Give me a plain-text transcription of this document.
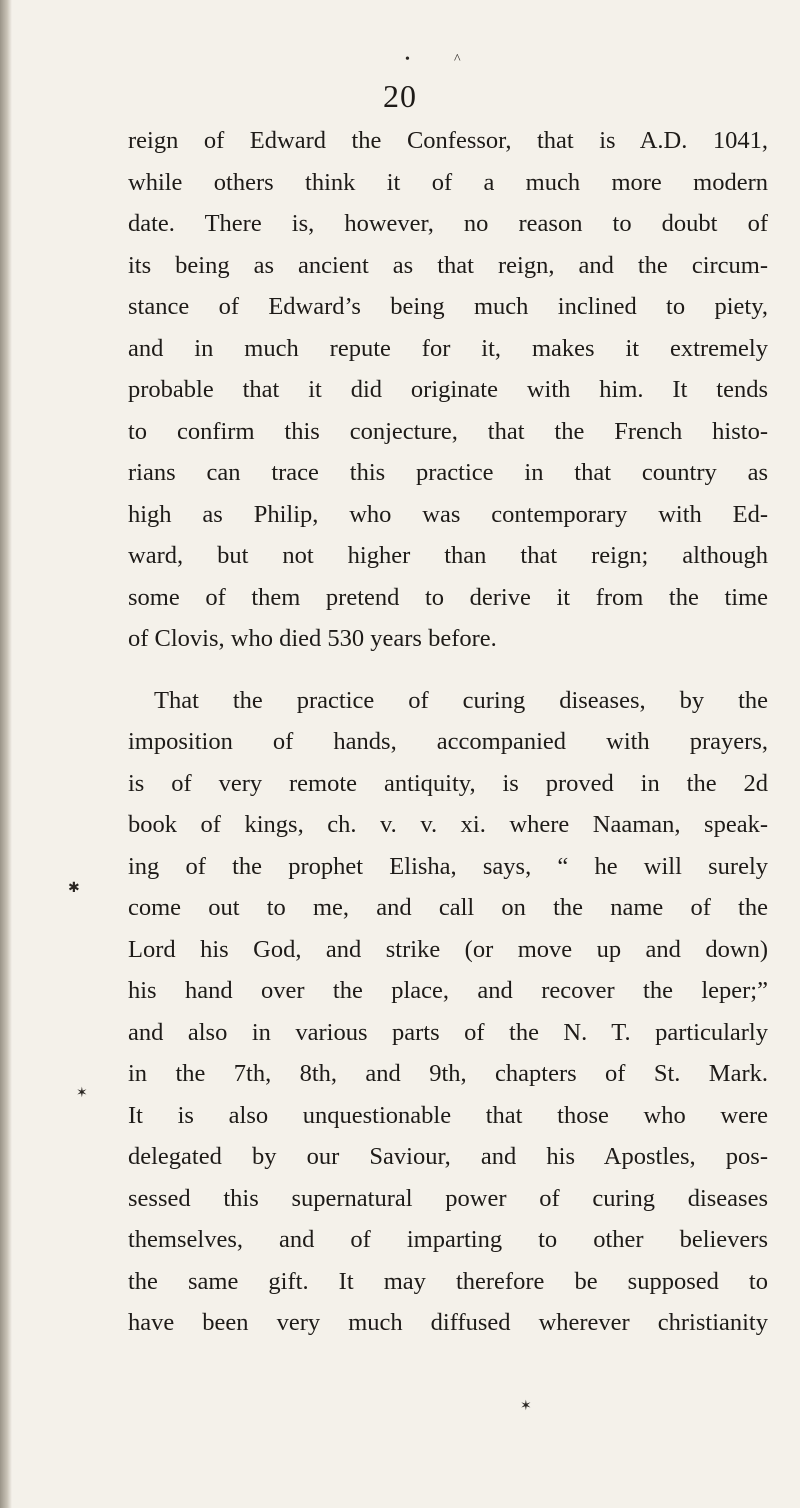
•	^
20
reign of Edward the Confessor, that is A.D. 1041,
while others think it of a much more modern
date. There is, however, no reason to doubt of
its being as ancient as that reign, and the circum-
stance of Edward’s being much inclined to piety,
and in much repute for it, makes it extremely
probable that it did originate with him. It tends
to confirm this conjecture, that the French histo-
rians can trace this practice in that country as
high as Philip, who was contemporary with Ed-
ward, but not higher than that reign; although
some of them pretend to derive it from the time
of Clovis, who died 530 years before.
That the practice of curing diseases, by the
imposition of hands, accompanied with prayers,
is of very remote antiquity, is proved in the 2d
book of kings, ch. v. v. xi. where Naaman, speak-
ing of the prophet Elisha, says, “ he will surely
come out to me, and call on the name of the
Lord his God, and strike (or move up and down)
his hand over the place, and recover the leper;”
and also in various parts of the N. T. particularly
in the 7th, 8th, and 9th, chapters of St. Mark.
It is also unquestionable that those who were
delegated by our Saviour, and his Apostles, pos-
sessed this supernatural power of curing diseases
themselves, and of imparting to other believers
the same gift. It may therefore be supposed to
have been very much diffused wherever christianity
✱
✶
✶
